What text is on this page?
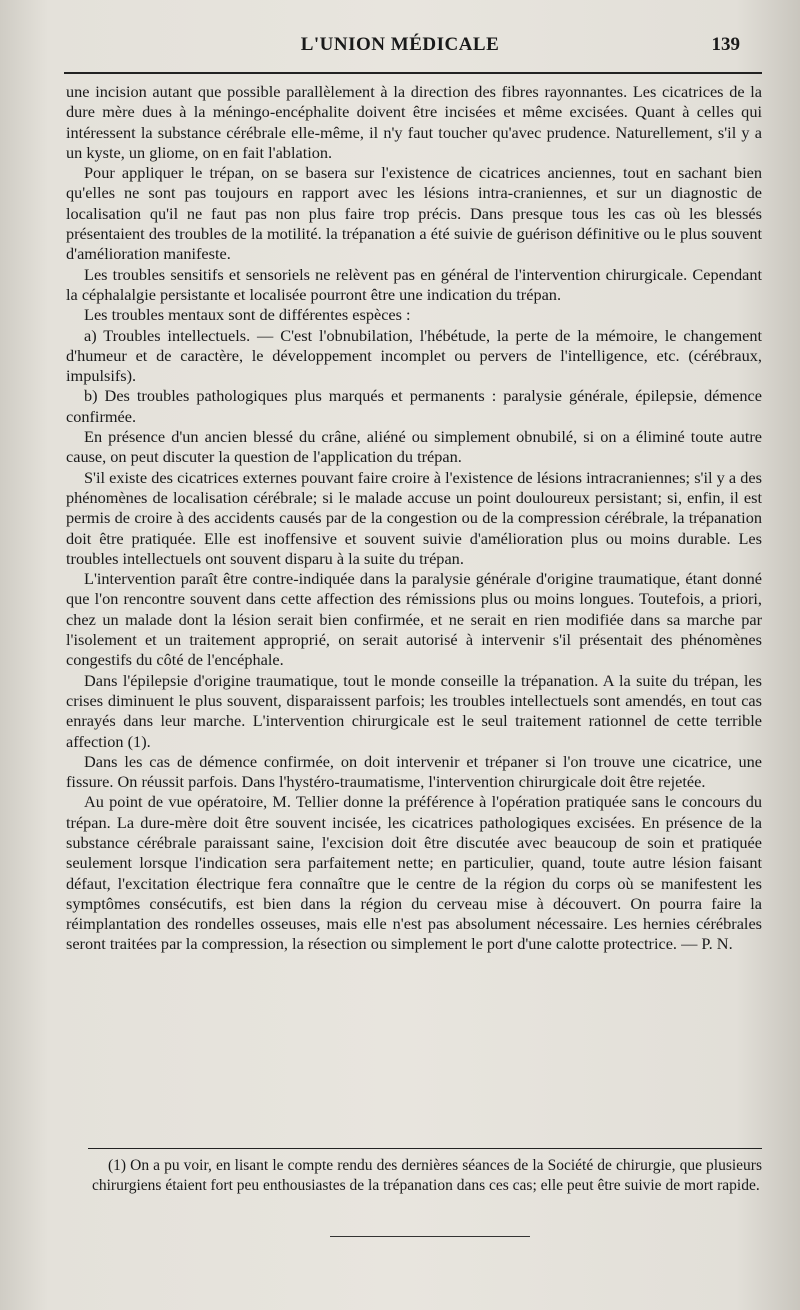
L'UNION MÉDICALE	139

une incision autant que possible parallèlement à la direction des fibres rayonnantes. Les cicatrices de la dure mère dues à la méningo-encéphalite doivent être incisées et même excisées. Quant à celles qui intéressent la substance cérébrale elle-même, il n'y faut toucher qu'avec prudence. Naturellement, s'il y a un kyste, un gliome, on en fait l'ablation.

Pour appliquer le trépan, on se basera sur l'existence de cicatrices anciennes, tout en sachant bien qu'elles ne sont pas toujours en rapport avec les lésions intra-craniennes, et sur un diagnostic de localisation qu'il ne faut pas non plus faire trop précis. Dans presque tous les cas où les blessés présentaient des troubles de la motilité. la trépanation a été suivie de guérison définitive ou le plus souvent d'amélioration manifeste.

Les troubles sensitifs et sensoriels ne relèvent pas en général de l'intervention chirurgicale. Cependant la céphalalgie persistante et localisée pourront être une indication du trépan.

Les troubles mentaux sont de différentes espèces :

a) Troubles intellectuels. — C'est l'obnubilation, l'hébétude, la perte de la mémoire, le changement d'humeur et de caractère, le développement incomplet ou pervers de l'intelligence, etc. (cérébraux, impulsifs).

b) Des troubles pathologiques plus marqués et permanents : paralysie générale, épilepsie, démence confirmée.

En présence d'un ancien blessé du crâne, aliéné ou simplement obnubilé, si on a éliminé toute autre cause, on peut discuter la question de l'application du trépan.

S'il existe des cicatrices externes pouvant faire croire à l'existence de lésions intracraniennes; s'il y a des phénomènes de localisation cérébrale; si le malade accuse un point douloureux persistant; si, enfin, il est permis de croire à des accidents causés par de la congestion ou de la compression cérébrale, la trépanation doit être pratiquée. Elle est inoffensive et souvent suivie d'amélioration plus ou moins durable. Les troubles intellectuels ont souvent disparu à la suite du trépan.

L'intervention paraît être contre-indiquée dans la paralysie générale d'origine traumatique, étant donné que l'on rencontre souvent dans cette affection des rémissions plus ou moins longues. Toutefois, a priori, chez un malade dont la lésion serait bien confirmée, et ne serait en rien modifiée dans sa marche par l'isolement et un traitement approprié, on serait autorisé à intervenir s'il présentait des phénomènes congestifs du côté de l'encéphale.

Dans l'épilepsie d'origine traumatique, tout le monde conseille la trépanation. A la suite du trépan, les crises diminuent le plus souvent, disparaissent parfois; les troubles intellectuels sont amendés, en tout cas enrayés dans leur marche. L'intervention chirurgicale est le seul traitement rationnel de cette terrible affection (1).

Dans les cas de démence confirmée, on doit intervenir et trépaner si l'on trouve une cicatrice, une fissure. On réussit parfois. Dans l'hystéro-traumatisme, l'intervention chirurgicale doit être rejetée.

Au point de vue opératoire, M. Tellier donne la préférence à l'opération pratiquée sans le concours du trépan. La dure-mère doit être souvent incisée, les cicatrices pathologiques excisées. En présence de la substance cérébrale paraissant saine, l'excision doit être discutée avec beaucoup de soin et pratiquée seulement lorsque l'indication sera parfaitement nette; en particulier, quand, toute autre lésion faisant défaut, l'excitation électrique fera connaître que le centre de la région du corps où se manifestent les symptômes consécutifs, est bien dans la région du cerveau mise à découvert. On pourra faire la réimplantation des rondelles osseuses, mais elle n'est pas absolument nécessaire. Les hernies cérébrales seront traitées par la compression, la résection ou simplement le port d'une calotte protectrice. — P. N.

(1) On a pu voir, en lisant le compte rendu des dernières séances de la Société de chirurgie, que plusieurs chirurgiens étaient fort peu enthousiastes de la trépanation dans ces cas; elle peut être suivie de mort rapide.
